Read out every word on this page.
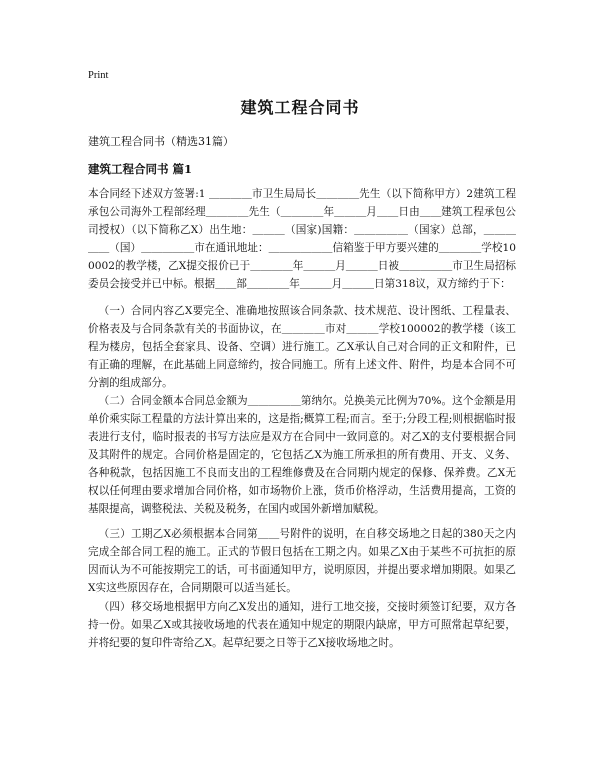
Print
建筑工程合同书
建筑工程合同书（精选31篇）
建筑工程合同书 篇1

本合同经下述双方签署:1 ＿＿＿＿市卫生局局长＿＿＿＿先生（以下简称甲方）2建筑工程承包公司海外工程部经理＿＿＿＿先生（＿＿＿＿年＿＿＿月＿＿日由＿＿建筑工程承包公司授权）（以下简称乙X）出生地：＿＿＿（国家)国籍：＿＿＿＿＿（国家）总部，＿＿＿＿＿（国）＿＿＿＿＿市在通讯地址：＿＿＿＿＿＿信箱鉴于甲方要兴建的＿＿＿＿学校100002的教学楼，乙X提交报价已于＿＿＿＿年＿＿＿月＿＿＿日被＿＿＿＿＿市卫生局招标委员会接受并已中标。根据＿＿部＿＿＿＿年＿＿＿月＿＿＿日第318议，双方缔约于下：

（一）合同内容乙X要完全、准确地按照该合同条款、技术规范、设计图纸、工程量表、价格表及与合同条款有关的书面协议，在＿＿＿＿市对＿＿＿学校100002的教学楼（该工程为楼房，包括全套家具、设备、空调）进行施工。乙X承认自己对合同的正文和附件，已有正确的理解，在此基础上同意缔约，按合同施工。所有上述文件、附件，均是本合同不可分割的组成部分。

（二）合同金额本合同总金额为＿＿＿＿＿第纳尔。兑换美元比例为70%。这个金额是用单价乘实际工程量的方法计算出来的，这是指;概算工程;而言。至于;分段工程;则根据临时报表进行支付，临时报表的书写方法应是双方在合同中一致同意的。对乙X的支付要根据合同及其附件的规定。合同价格是固定的，它包括乙X为施工所承担的所有费用、开支、义务、各种税款，包括因施工不良而支出的工程维修费及在合同期内规定的保修、保养费。乙X无权以任何理由要求增加合同价格，如市场物价上涨，货币价格浮动，生活费用提高，工资的基限提高，调整税法、关税及税务，在国内或国外新增加赋税。

（三）工期乙X必须根据本合同第＿＿号附件的说明，在自移交场地之日起的380天之内完成全部合同工程的施工。正式的节假日包括在工期之内。如果乙X由于某些不可抗拒的原因而认为不可能按期完工的话，可书面通知甲方，说明原因，并提出要求增加期限。如果乙X实这些原因存在，合同期限可以适当延长。

（四）移交场地根据甲方向乙X发出的通知，进行工地交接，交接时须签订纪要，双方各持一份。如果乙X或其接收场地的代表在通知中规定的期限内缺席，甲方可照常起草纪要，并将纪要的复印件寄给乙X。起草纪要之日等于乙X接收场地之时。
